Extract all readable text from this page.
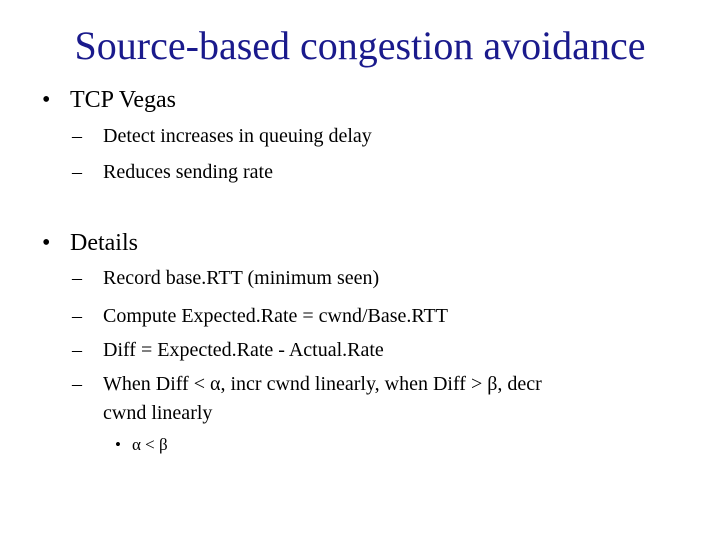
Source-based congestion avoidance
• TCP Vegas
– Detect increases in queuing delay
– Reduces sending rate
• Details
– Record base.RTT (minimum seen)
– Compute Expected.Rate = cwnd/Base.RTT
– Diff = Expected.Rate - Actual.Rate
– When Diff < α, incr cwnd linearly, when Diff > β, decr
cwnd linearly
• α < β
